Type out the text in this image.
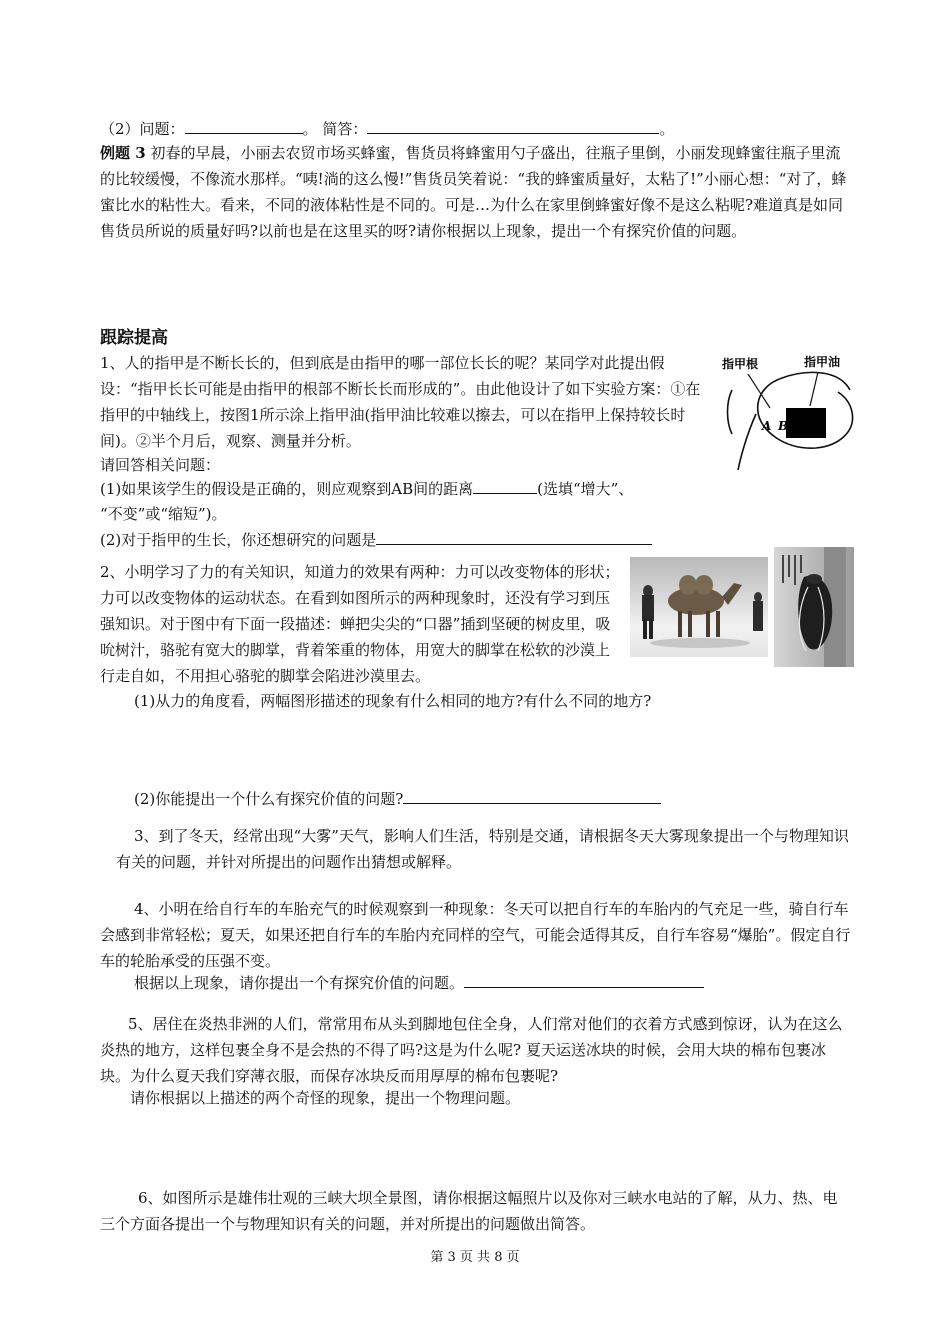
（2）问题：	。 简答：	。

例题 3 初春的早晨，小丽去农贸市场买蜂蜜，售货员将蜂蜜用勺子盛出，往瓶子里倒，小丽发现蜂蜜往瓶子里流的比较缓慢，不像流水那样。“咦!淌的这么慢!”售货员笑着说：“我的蜂蜜质量好，太粘了!”小丽心想：“对了，蜂蜜比水的粘性大。看来，不同的液体粘性是不同的。可是…为什么在家里倒蜂蜜好像不是这么粘呢?难道真是如同售货员所说的质量好吗?以前也是在这里买的呀?请你根据以上现象，提出一个有探究价值的问题。

跟踪提高

1、人的指甲是不断长长的，但到底是由指甲的哪一部位长长的呢？某同学对此提出假设：“指甲长长可能是由指甲的根部不断长长而形成的”。由此他设计了如下实验方案：①在指甲的中轴线上，按图1所示涂上指甲油(指甲油比较难以擦去，可以在指甲上保持较长时间)。②半个月后，观察、测量并分析。

请回答相关问题：

(1)如果该学生的假设是正确的，则应观察到AB间的距离	(选填“增大”、

“不变”或“缩短”)。

(2)对于指甲的生长，你还想研究的问题是

指甲根	指甲油
A B

2、小明学习了力的有关知识，知道力的效果有两种：力可以改变物体的形状；力可以改变物体的运动状态。在看到如图所示的两种现象时，还没有学习到压强知识。对于图中有下面一段描述：蝉把尖尖的“口器”插到坚硬的树皮里，吸吮树汁，骆驼有宽大的脚掌，背着笨重的物体，用宽大的脚掌在松软的沙漠上行走自如，不用担心骆驼的脚掌会陷进沙漠里去。

(1)从力的角度看，两幅图形描述的现象有什么相同的地方?有什么不同的地方?

(2)你能提出一个什么有探究价值的问题?

3、到了冬天，经常出现“大雾”天气，影响人们生活，特别是交通，请根据冬天大雾现象提出一个与物理知识有关的问题，并针对所提出的问题作出猜想或解释。

4、小明在给自行车的车胎充气的时候观察到一种现象：冬天可以把自行车的车胎内的气充足一些，骑自行车会感到非常轻松；夏天，如果还把自行车的车胎内充同样的空气，可能会适得其反，自行车容易“爆胎”。假定自行车的轮胎承受的压强不变。

根据以上现象，请你提出一个有探究价值的问题。

5、居住在炎热非洲的人们，常常用布从头到脚地包住全身，人们常对他们的衣着方式感到惊讶，认为在这么炎热的地方，这样包裹全身不是会热的不得了吗?这是为什么呢? 夏天运送冰块的时候，会用大块的棉布包裹冰块。为什么夏天我们穿薄衣服，而保存冰块反而用厚厚的棉布包裹呢?

请你根据以上描述的两个奇怪的现象，提出一个物理问题。

6、如图所示是雄伟壮观的三峡大坝全景图，请你根据这幅照片以及你对三峡水电站的了解，从力、热、电三个方面各提出一个与物理知识有关的问题，并对所提出的问题做出简答。

第 3 页 共 8 页
